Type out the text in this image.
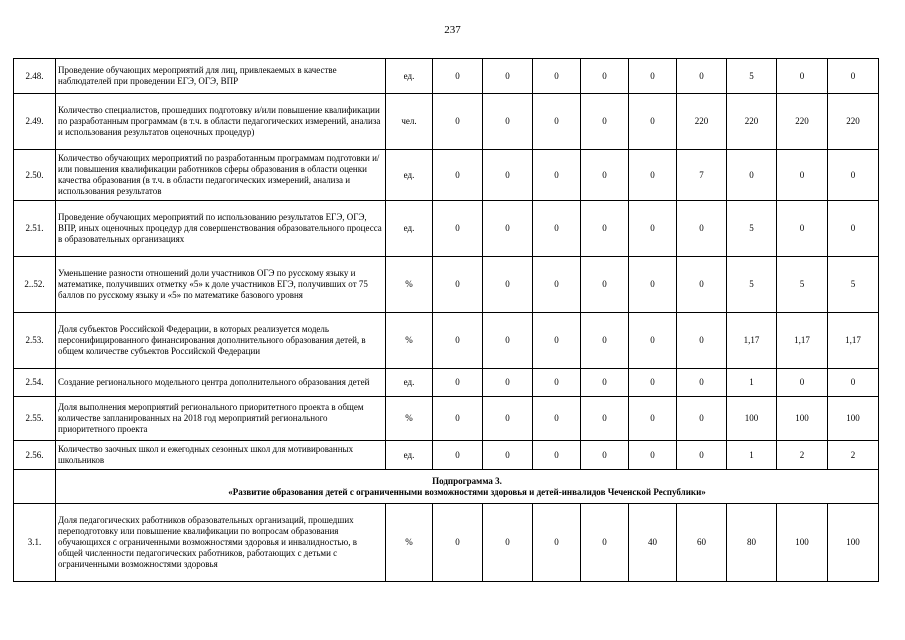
237
2.48.	Проведение обучающих мероприятий для лиц, привлекаемых в качестве наблюдателей при проведении ЕГЭ, ОГЭ, ВПР	ед.	0	0	0	0	0	0	5	0	0
2.49.	Количество специалистов, прошедших подготовку и/или повышение квалификации по разработанным программам (в т.ч. в области педагогических измерений, анализа и использования результатов оценочных процедур)	чел.	0	0	0	0	0	220	220	220	220
2.50.	Количество обучающих мероприятий по разработанным программам подготовки и/или повышения квалификации работников сферы образования в области оценки качества образования (в т.ч. в области педагогических измерений, анализа и использования результатов	ед.	0	0	0	0	0	7	0	0	0
2.51.	Проведение обучающих мероприятий по использованию результатов ЕГЭ, ОГЭ, ВПР, иных оценочных процедур для совершенствования образовательного процесса в образовательных организациях	ед.	0	0	0	0	0	0	5	0	0
2..52.	Уменьшение разности отношений доли участников ОГЭ по русскому языку и математике, получивших отметку «5» к доле участников ЕГЭ, получивших от 75 баллов по русскому языку и «5» по математике базового уровня	%	0	0	0	0	0	0	5	5	5
2.53.	Доля субъектов Российской Федерации, в которых реализуется модель персонифицированного финансирования дополнительного образования детей, в общем количестве субъектов Российской Федерации	%	0	0	0	0	0	0	1,17	1,17	1,17
2.54.	Создание регионального модельного центра дополнительного образования детей	ед.	0	0	0	0	0	0	1	0	0
2.55.	Доля выполнения мероприятий регионального приоритетного проекта в общем количестве запланированных на 2018 год мероприятий регионального приоритетного проекта	%	0	0	0	0	0	0	100	100	100
2.56.	Количество заочных школ и ежегодных сезонных школ для мотивированных школьников	ед.	0	0	0	0	0	0	1	2	2

	Подпрограмма 3.
«Развитие образования детей с ограниченными возможностями здоровья и детей-инвалидов Чеченской Республики»										

3.1.	Доля педагогических работников образовательных организаций, прошедших переподготовку или повышение квалификации по вопросам образования обучающихся с ограниченными возможностями здоровья и инвалидностью, в общей численности педагогических работников, работающих с детьми с ограниченными возможностями здоровья	%	0	0	0	0	40	60	80	100	100
